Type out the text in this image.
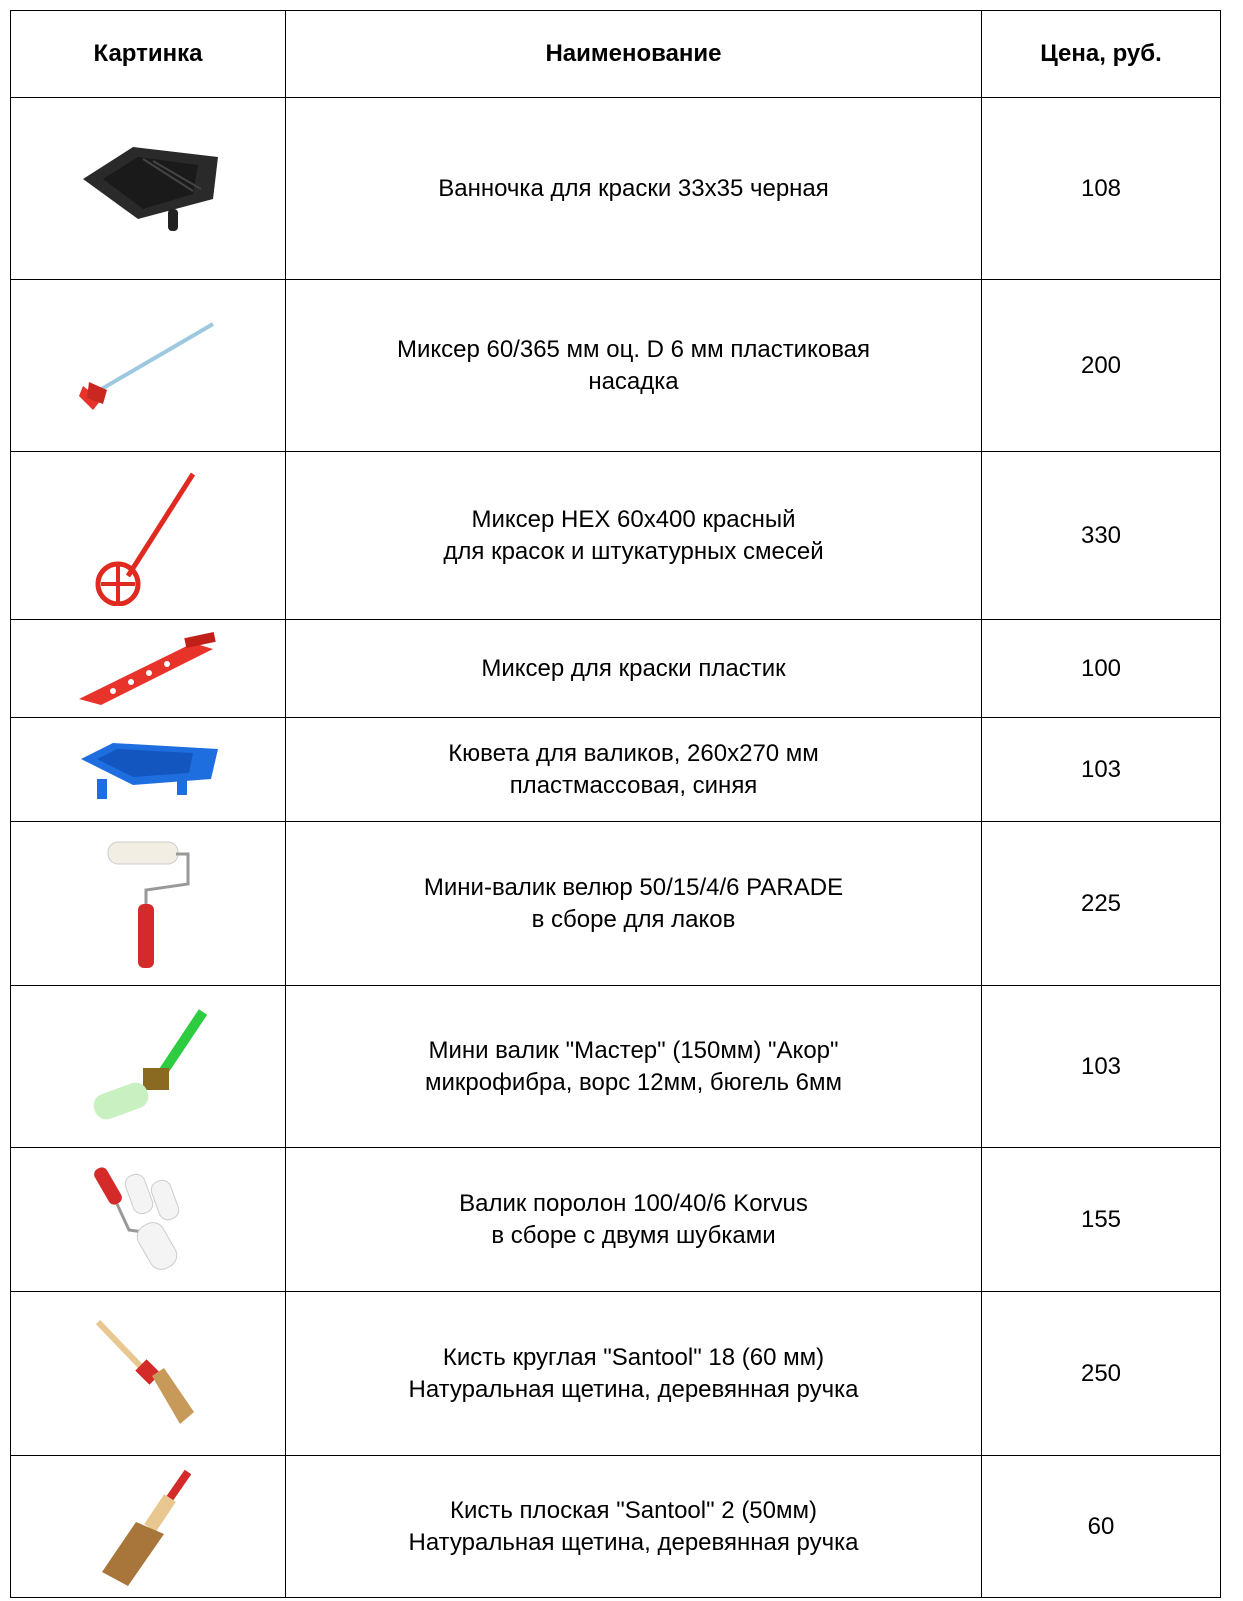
Картинка	Наименование	Цена, руб.

	Ванночка для краски 33х35 черная	108

	Миксер 60/365 мм оц. D 6 мм пластиковая
насадка	200

	Миксер HEX 60х400 красный
для красок и штукатурных смесей	330

	Миксер для краски пластик	100

	Кювета для валиков, 260х270 мм
пластмассовая, синяя	103

	Мини-валик велюр 50/15/4/6 PARADE
в сборе для лаков	225

	Мини валик "Мастер" (150мм) "Акор"
микрофибра, ворс 12мм, бюгель 6мм	103

	Валик поролон 100/40/6 Korvus
в сборе с двумя шубками	155

	Кисть круглая "Santool" 18 (60 мм)
Натуральная щетина, деревянная ручка	250

	Кисть плоская "Santool" 2 (50мм)
Натуральная щетина, деревянная ручка	60
